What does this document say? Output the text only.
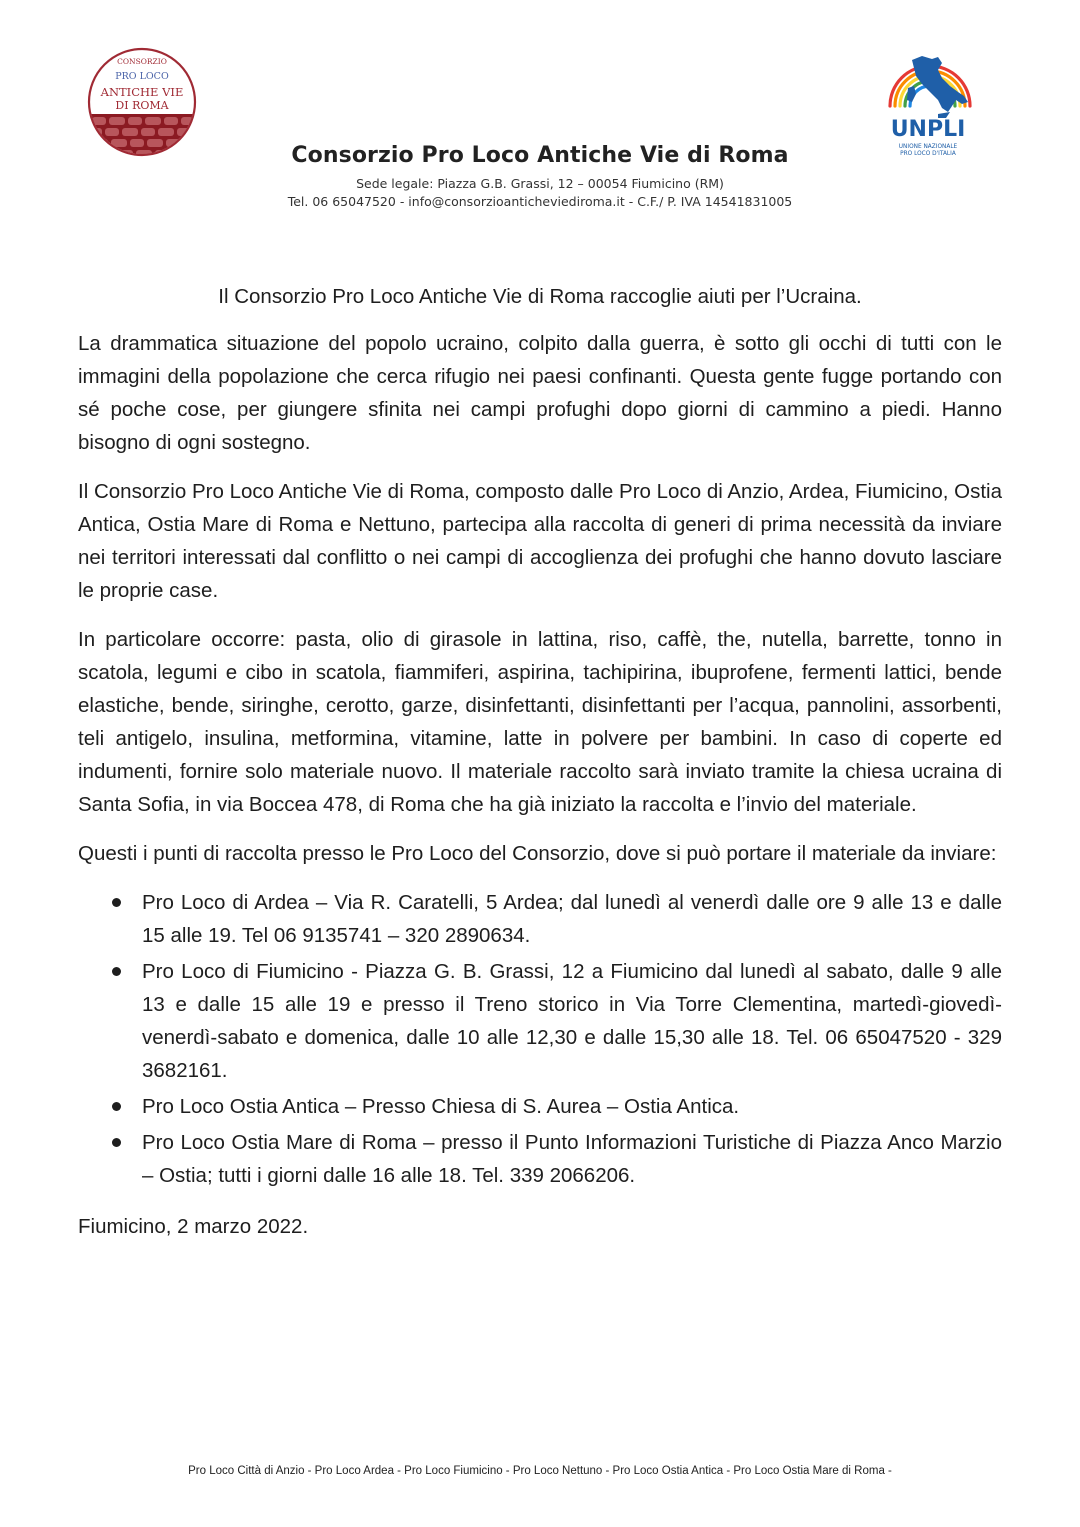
CONSORZIO
PRO LOCO
ANTICHE VIE
DI ROMA
UNPLI
UNIONE NAZIONALE
PRO LOCO D'ITALIA
Consorzio Pro Loco Antiche Vie di Roma
Sede legale: Piazza G.B. Grassi, 12 – 00054 Fiumicino (RM)
Tel. 06 65047520 - info@consorzioanticheviediroma.it - C.F./ P. IVA 14541831005

Il Consorzio Pro Loco Antiche Vie di Roma raccoglie aiuti per l’Ucraina.

La drammatica situazione del popolo ucraino, colpito dalla guerra, è sotto gli occhi di tutti con le immagini della popolazione che cerca rifugio nei paesi confinanti. Questa gente fugge portando con sé poche cose, per giungere sfinita nei campi profughi dopo giorni di cammino a piedi. Hanno bisogno di ogni sostegno.

Il Consorzio Pro Loco Antiche Vie di Roma, composto dalle Pro Loco di Anzio, Ardea, Fiumicino, Ostia Antica, Ostia Mare di Roma e Nettuno, partecipa alla raccolta di generi di prima necessità da inviare nei territori interessati dal conflitto o nei campi di accoglienza dei profughi che hanno dovuto lasciare le proprie case.

In particolare occorre: pasta, olio di girasole in lattina, riso, caffè, the, nutella, barrette, tonno in scatola, legumi e cibo in scatola, fiammiferi, aspirina, tachipirina, ibuprofene, fermenti lattici, bende elastiche, bende, siringhe, cerotto, garze, disinfettanti, disinfettanti per l’acqua, pannolini, assorbenti, teli antigelo, insulina, metformina, vitamine, latte in polvere per bambini. In caso di coperte ed indumenti, fornire solo materiale nuovo. Il materiale raccolto sarà inviato tramite la chiesa ucraina di Santa Sofia, in via Boccea 478, di Roma che ha già iniziato la raccolta e l’invio del materiale.

Questi i punti di raccolta presso le Pro Loco del Consorzio, dove si può portare il materiale da inviare:

Pro Loco di Ardea – Via R. Caratelli, 5 Ardea; dal lunedì al venerdì dalle ore 9 alle 13 e dalle 15 alle 19. Tel 06 9135741 – 320 2890634.
Pro Loco di Fiumicino - Piazza G. B. Grassi, 12 a Fiumicino dal lunedì al sabato, dalle 9 alle 13 e dalle 15 alle 19 e presso il Treno storico in Via Torre Clementina, martedì-giovedì-venerdì-sabato e domenica, dalle 10 alle 12,30 e dalle 15,30 alle 18. Tel. 06 65047520 - 329 3682161.
Pro Loco Ostia Antica – Presso Chiesa di S. Aurea – Ostia Antica.
Pro Loco Ostia Mare di Roma – presso il Punto Informazioni Turistiche di Piazza Anco Marzio – Ostia; tutti i giorni dalle 16 alle 18. Tel. 339 2066206.

Fiumicino, 2 marzo 2022.

Pro Loco Città di Anzio - Pro Loco Ardea - Pro Loco Fiumicino - Pro Loco Nettuno - Pro Loco Ostia Antica - Pro Loco Ostia Mare di Roma -
